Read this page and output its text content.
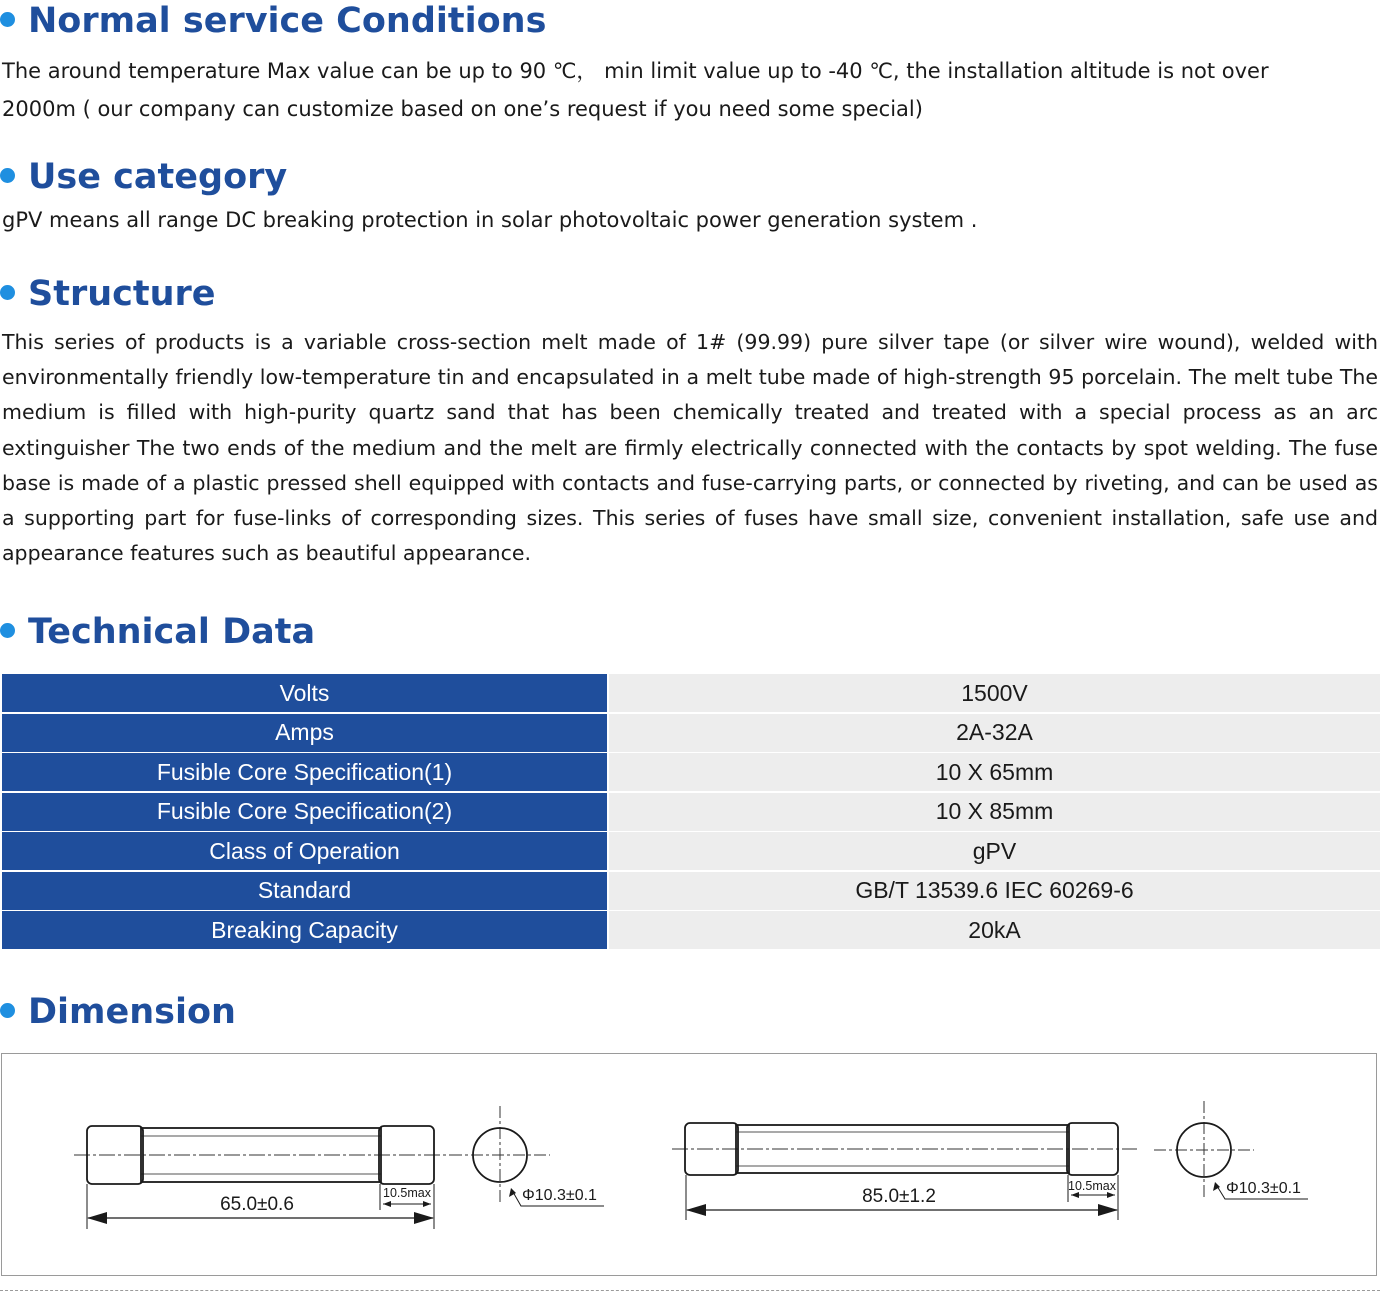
Normal service Conditions

The around temperature Max value can be up to 90 ℃， min limit value up to -40 ℃, the installation altitude is not over
2000m ( our company can customize based on one’s request if you need some special)

Use category

gPV means all range DC breaking protection in solar photovoltaic power generation system .

Structure

This series of products is a variable cross-section melt made of 1# (99.99) pure silver tape (or silver wire wound), welded with environmentally friendly low-temperature tin and encapsulated in a melt tube made of high-strength 95 porcelain. The melt tube The medium is filled with high-purity quartz sand that has been chemically treated and treated with a special process as an arc extinguisher The two ends of the medium and the melt are firmly electrically connected with the contacts by spot welding. The fuse base is made of a plastic pressed shell equipped with contacts and fuse-carrying parts, or connected by riveting, and can be used as a supporting part for fuse-links of corresponding sizes. This series of fuses have small size, convenient installation, safe use and appearance features such as beautiful appearance.

Technical Data
Volts	1500V
Amps	2A-32A
Fusible Core Specification(1)	10 X 65mm
Fusible Core Specification(2)	10 X 85mm
Class of Operation	gPV
Standard	GB/T 13539.6 IEC 60269-6
Breaking Capacity	20kA
Dimension
65.0±0.6
10.5max	Φ10.3±0.1	85.0±1.2	10.5max	Φ10.3±0.1
